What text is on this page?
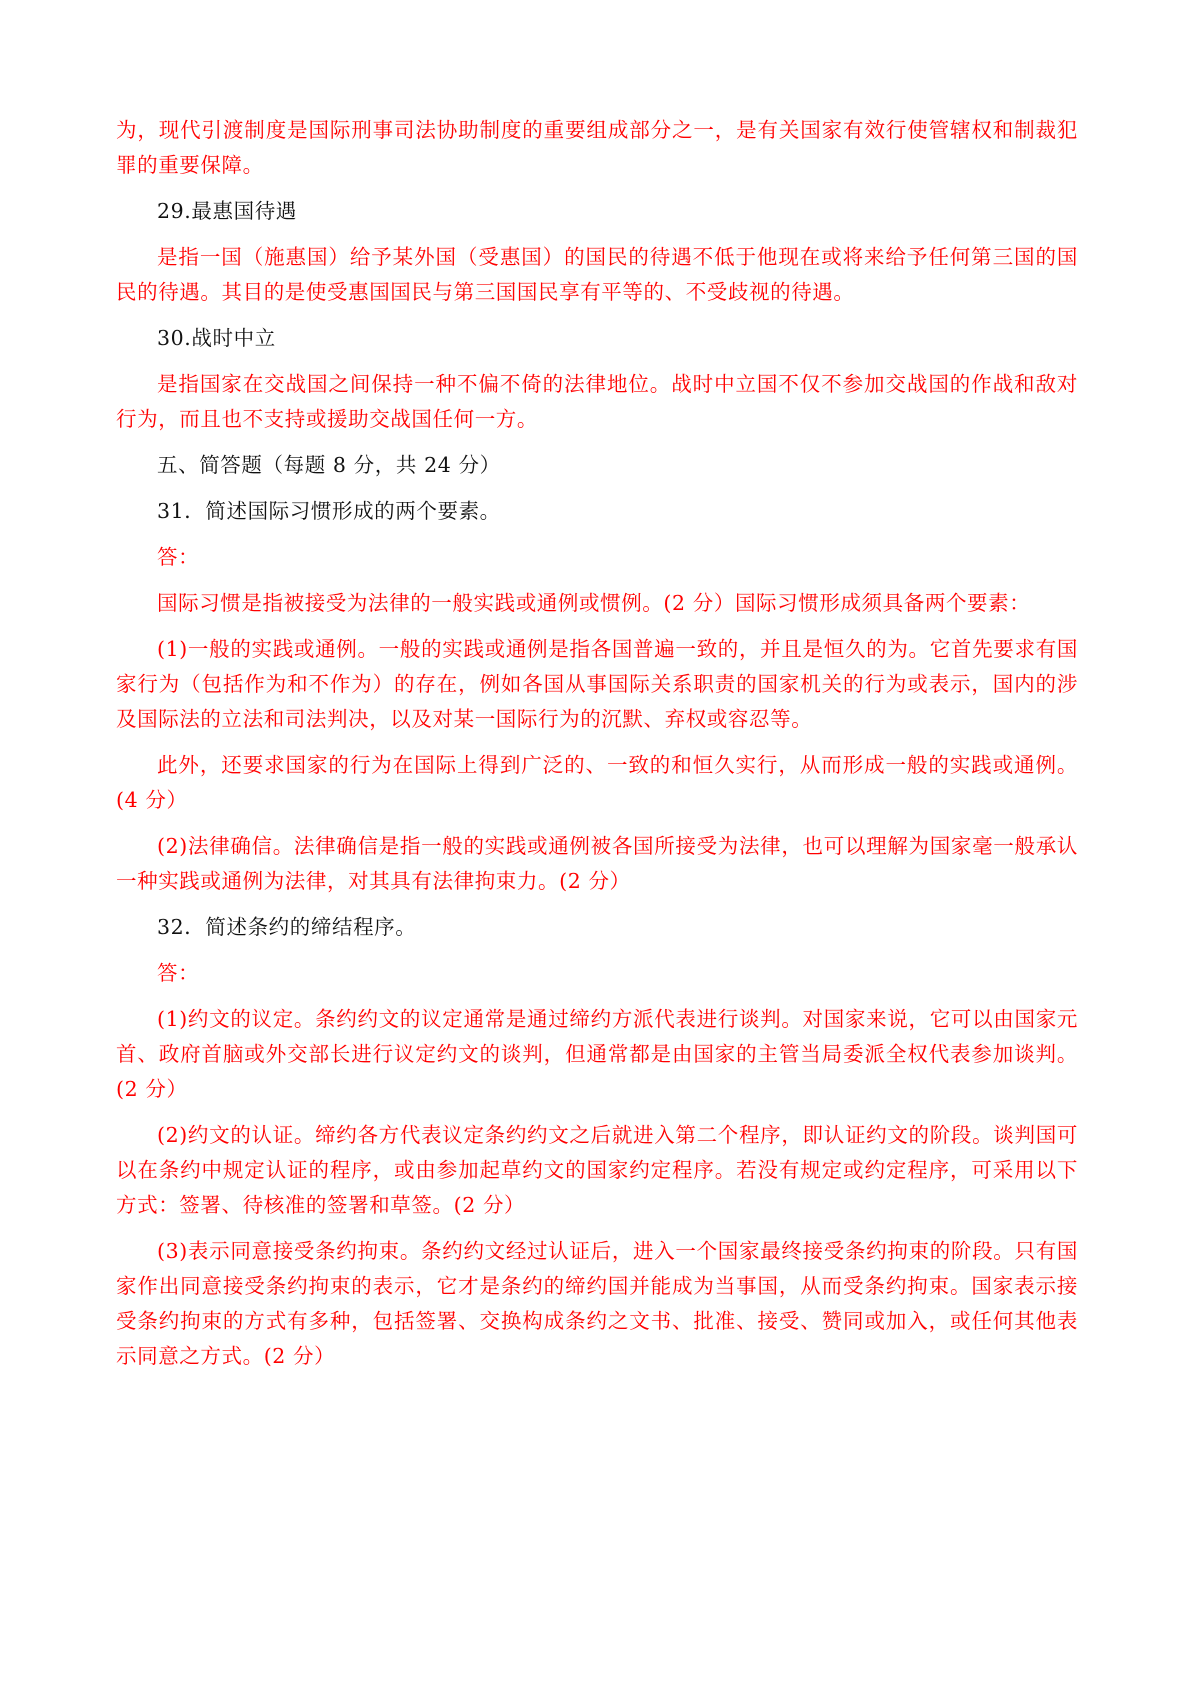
为，现代引渡制度是国际刑事司法协助制度的重要组成部分之一，是有关国家有效行使管辖权和制裁犯罪的重要保障。

29.最惠国待遇

是指一国（施惠国）给予某外国（受惠国）的国民的待遇不低于他现在或将来给予任何第三国的国民的待遇。其目的是使受惠国国民与第三国国民享有平等的、不受歧视的待遇。

30.战时中立

是指国家在交战国之间保持一种不偏不倚的法律地位。战时中立国不仅不参加交战国的作战和敌对行为，而且也不支持或援助交战国任何一方。

五、简答题（每题 8 分，共 24 分）

31．简述国际习惯形成的两个要素。

答：

国际习惯是指被接受为法律的一般实践或通例或惯例。(2 分）国际习惯形成须具备两个要素：

(1)一般的实践或通例。一般的实践或通例是指各国普遍一致的，并且是恒久的为。它首先要求有国家行为（包括作为和不作为）的存在，例如各国从事国际关系职责的国家机关的行为或表示，国内的涉及国际法的立法和司法判决，以及对某一国际行为的沉默、弃权或容忍等。

此外，还要求国家的行为在国际上得到广泛的、一致的和恒久实行，从而形成一般的实践或通例。(4 分）

(2)法律确信。法律确信是指一般的实践或通例被各国所接受为法律，也可以理解为国家毫一般承认一种实践或通例为法律，对其具有法律拘束力。(2 分）

32．简述条约的缔结程序。

答：

(1)约文的议定。条约约文的议定通常是通过缔约方派代表进行谈判。对国家来说，它可以由国家元首、政府首脑或外交部长进行议定约文的谈判，但通常都是由国家的主管当局委派全权代表参加谈判。(2 分）

(2)约文的认证。缔约各方代表议定条约约文之后就进入第二个程序，即认证约文的阶段。谈判国可以在条约中规定认证的程序，或由参加起草约文的国家约定程序。若没有规定或约定程序，可采用以下方式：签署、待核准的签署和草签。(2 分）

(3)表示同意接受条约拘束。条约约文经过认证后，进入一个国家最终接受条约拘束的阶段。只有国家作出同意接受条约拘束的表示，它才是条约的缔约国并能成为当事国，从而受条约拘束。国家表示接受条约拘束的方式有多种，包括签署、交换构成条约之文书、批准、接受、赞同或加入，或任何其他表示同意之方式。(2 分）
